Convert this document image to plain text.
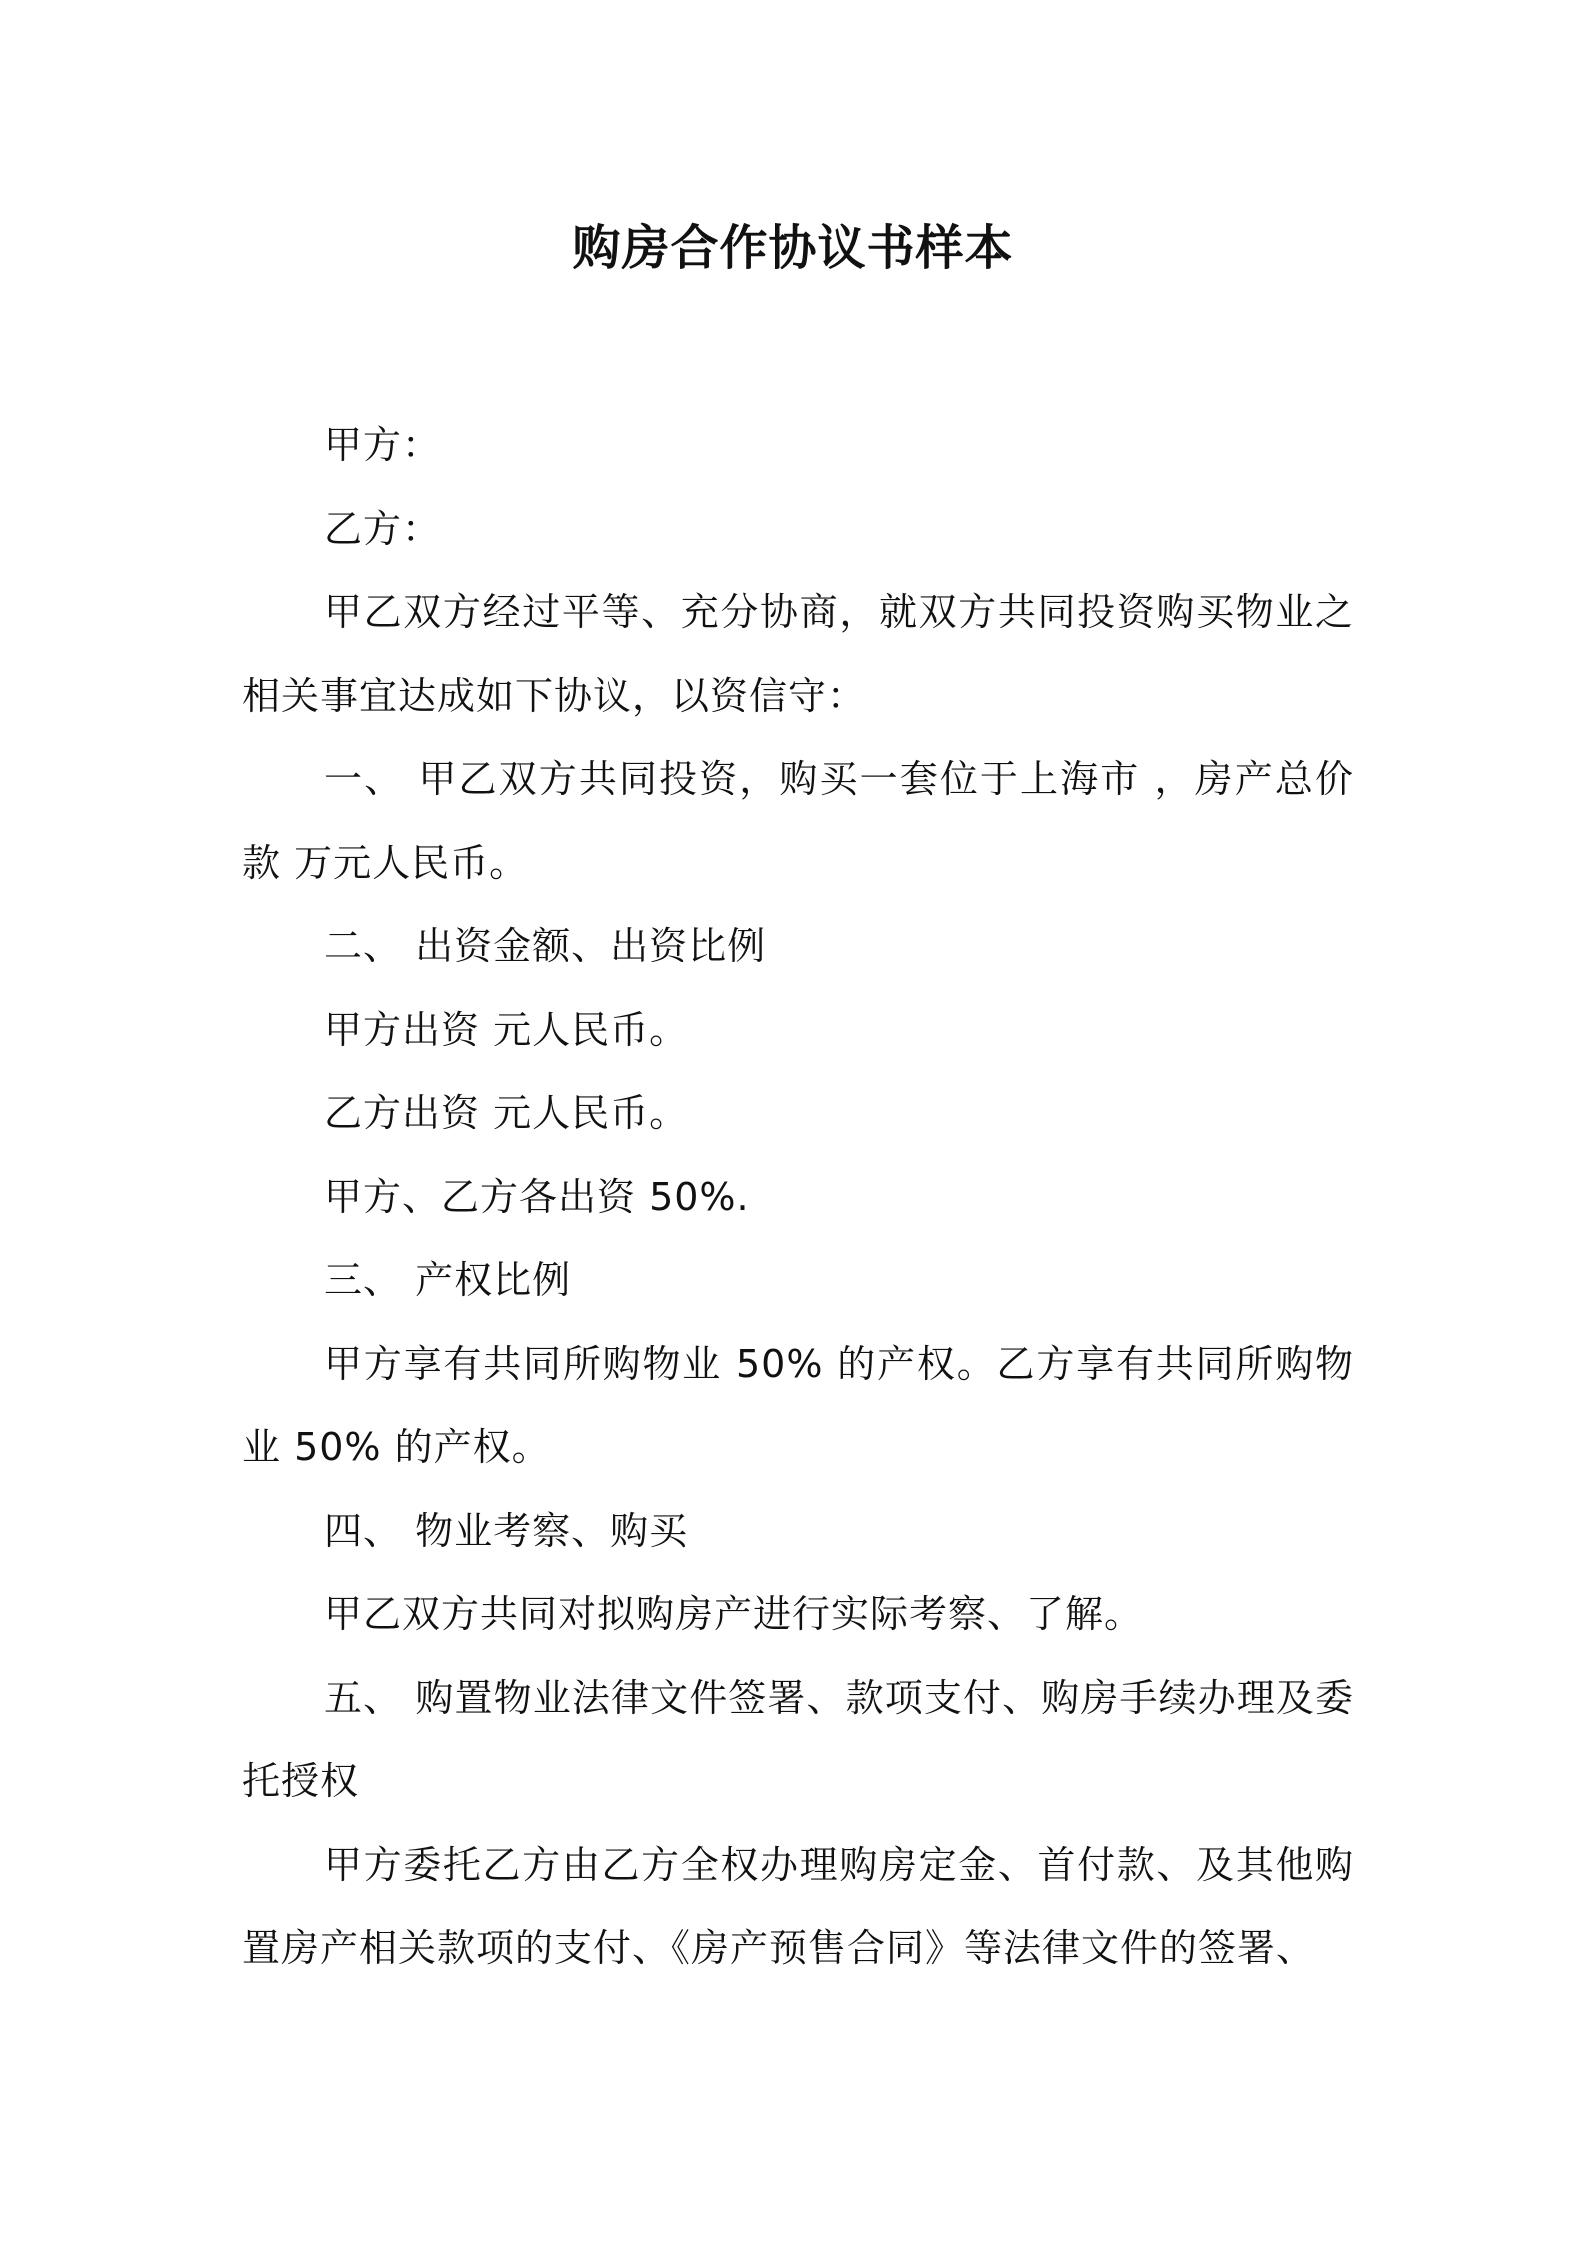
购房合作协议书样本

甲方：

乙方：

甲乙双方经过平等、充分协商，就双方共同投资购买物业之相关事宜达成如下协议，以资信守：

一、 甲乙双方共同投资，购买一套位于上海市 ，房产总价款 万元人民币。

二、 出资金额、出资比例

甲方出资 元人民币。

乙方出资 元人民币。

甲方、乙方各出资 50%.

三、 产权比例

甲方享有共同所购物业 50% 的产权。乙方享有共同所购物业 50% 的产权。

四、 物业考察、购买

甲乙双方共同对拟购房产进行实际考察、了解。

五、 购置物业法律文件签署、款项支付、购房手续办理及委托授权

甲方委托乙方由乙方全权办理购房定金、首付款、及其他购置房产相关款项的支付、《房产预售合同》等法律文件的签署、
